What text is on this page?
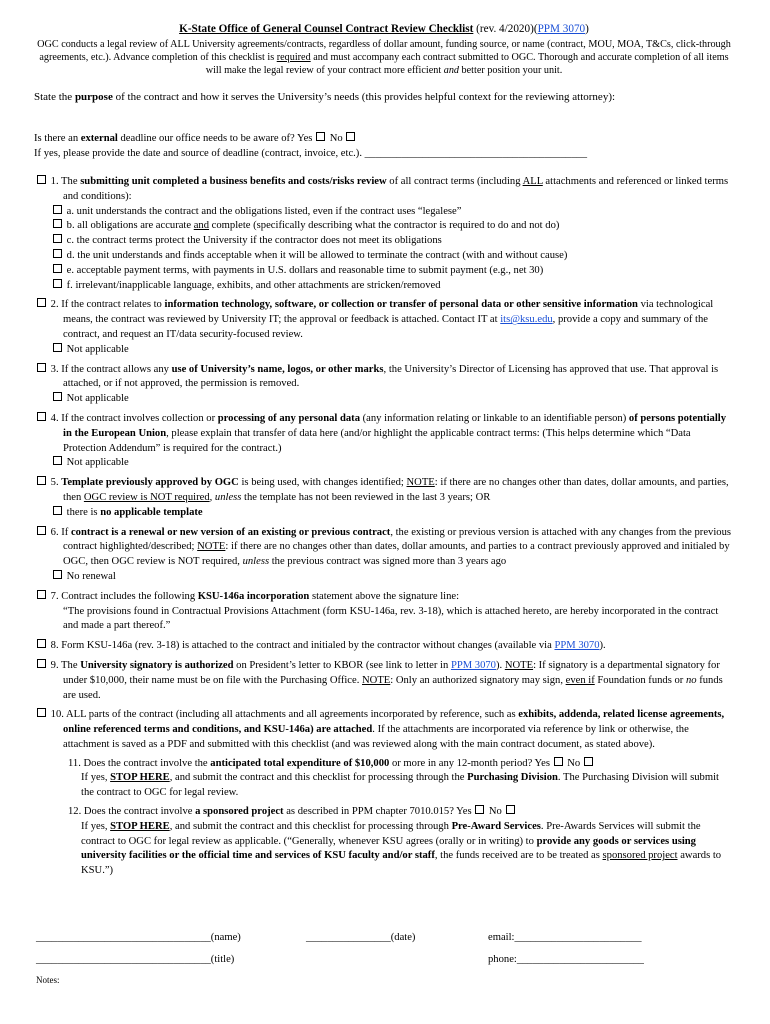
K-State Office of General Counsel Contract Review Checklist (rev. 4/2020)(PPM 3070)
OGC conducts a legal review of ALL University agreements/contracts, regardless of dollar amount, funding source, or name (contract, MOU, MOA, T&Cs, click-through agreements, etc.). Advance completion of this checklist is required and must accompany each contract submitted to OGC. Thorough and accurate completion of all items will make the legal review of your contract more efficient and better position your unit.
State the purpose of the contract and how it serves the University’s needs (this provides helpful context for the reviewing attorney):
Is there an external deadline our office needs to be aware of? Yes  No
If yes, please provide the date and source of deadline (contract, invoice, etc.). __________________________________________
1. The submitting unit completed a business benefits and costs/risks review of all contract terms (including ALL attachments and referenced or linked terms and conditions):
a. unit understands the contract and the obligations listed, even if the contract uses “legalese”
b. all obligations are accurate and complete (specifically describing what the contractor is required to do and not do)
c. the contract terms protect the University if the contractor does not meet its obligations
d. the unit understands and finds acceptable when it will be allowed to terminate the contract (with and without cause)
e. acceptable payment terms, with payments in U.S. dollars and reasonable time to submit payment (e.g., net 30)
f. irrelevant/inapplicable language, exhibits, and other attachments are stricken/removed
2. If the contract relates to information technology, software, or collection or transfer of personal data or other sensitive information via technological means, the contract was reviewed by University IT; the approval or feedback is attached. Contact IT at its@ksu.edu, provide a copy and summary of the contract, and request an IT/data security-focused review.
Not applicable
3. If the contract allows any use of University’s name, logos, or other marks, the University’s Director of Licensing has approved that use. That approval is attached, or if not approved, the permission is removed.
Not applicable
4. If the contract involves collection or processing of any personal data (any information relating or linkable to an identifiable person) of persons potentially in the European Union, please explain that transfer of data here (and/or highlight the applicable contract terms: (This helps determine which “Data Protection Addendum” is required for the contract.)
Not applicable
5. Template previously approved by OGC is being used, with changes identified; NOTE: if there are no changes other than dates, dollar amounts, and parties, then OGC review is NOT required, unless the template has not been reviewed in the last 3 years; OR
there is no applicable template
6. If contract is a renewal or new version of an existing or previous contract, the existing or previous version is attached with any changes from the previous contract highlighted/described; NOTE: if there are no changes other than dates, dollar amounts, and parties to a contract previously approved and initialed by OGC, then OGC review is NOT required, unless the previous contract was signed more than 3 years ago
No renewal
7. Contract includes the following KSU-146a incorporation statement above the signature line:
“The provisions found in Contractual Provisions Attachment (form KSU-146a, rev. 3-18), which is attached hereto, are hereby incorporated in the contract and made a part thereof.”
8. Form KSU-146a (rev. 3-18) is attached to the contract and initialed by the contractor without changes (available via PPM 3070).
9. The University signatory is authorized on President’s letter to KBOR (see link to letter in PPM 3070). NOTE: If signatory is a departmental signatory for under $10,000, their name must be on file with the Purchasing Office. NOTE: Only an authorized signatory may sign, even if Foundation funds or no funds are used.
10. ALL parts of the contract (including all attachments and all agreements incorporated by reference, such as exhibits, addenda, related license agreements, online referenced terms and conditions, and KSU-146a) are attached. If the attachments are incorporated via reference by link or otherwise, the attachment is saved as a PDF and submitted with this checklist (and was reviewed along with the main contract document, as stated above).
11. Does the contract involve the anticipated total expenditure of $10,000 or more in any 12-month period? Yes  No
If yes, STOP HERE, and submit the contract and this checklist for processing through the Purchasing Division. The Purchasing Division will submit the contract to OGC for legal review.
12. Does the contract involve a sponsored project as described in PPM chapter 7010.015? Yes  No
If yes, STOP HERE, and submit the contract and this checklist for processing through Pre-Award Services. Pre-Awards Services will submit the contract to OGC for legal review as applicable. (“Generally, whenever KSU agrees (orally or in writing) to provide any goods or services using university facilities or the official time and services of KSU faculty and/or staff, the funds received are to be treated as sponsored project awards to KSU.”)
_________________________________(name)	________________(date)	email:________________________
_________________________________(title)	phone:________________________
Notes:
